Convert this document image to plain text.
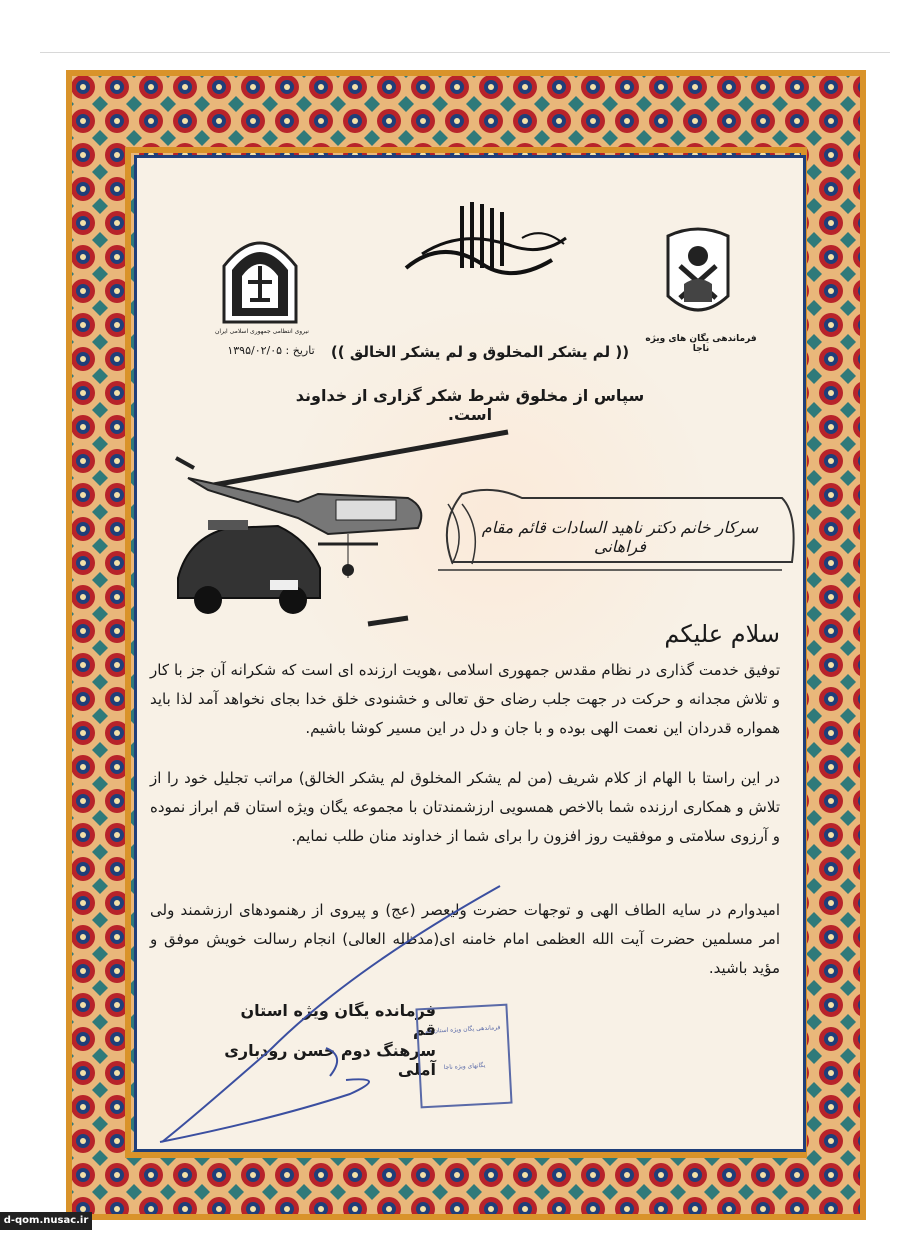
فرماندهی یگان های ویژه ناجا
نیروی انتظامی جمهوری اسلامی ایران
تاریخ : ۱۳۹۵/۰۲/۰۵	(( لم یشکر المخلوق و لم یشکر الخالق ))
سپاس از مخلوق شرط شکر گزاری از خداوند است.
سرکار خانم دکتر ناهید السادات قائم مقام فراهانی
سلام علیکم
توفیق خدمت گذاری در نظام مقدس جمهوری اسلامی ،هویت ارزنده ای است که شکرانه آن جز با کار و تلاش مجدانه و حرکت در جهت جلب رضای حق تعالی و خشنودی خلق خدا بجای نخواهد آمد لذا باید همواره قدردان این نعمت الهی بوده و با جان و دل در این مسیر کوشا باشیم.
در این راستا با الهام از کلام شریف (من لم یشکر المخلوق لم یشکر الخالق) مراتب تجلیل خود را از تلاش و همکاری ارزنده شما بالاخص همسویی ارزشمندتان با مجموعه یگان ویژه استان قم ابراز نموده و آرزوی سلامتی و موفقیت روز افزون را برای شما از خداوند منان طلب نمایم.
امیدوارم در سایه الطاف الهی و توجهات حضرت ولیعصر (عج) و پیروی از رهنمودهای ارزشمند ولی امر مسلمین حضرت آیت الله العظمی امام خامنه ای(مدظله العالی) انجام رسالت خویش موفق و مؤید باشید.
فرمانده یگان ویژه استان قم
سرهنگ دوم حسن رودباری آملی
فرماندهی یگان ویژه استان قم
یگانهای ویژه ناجا
d-qom.nusac.ir
